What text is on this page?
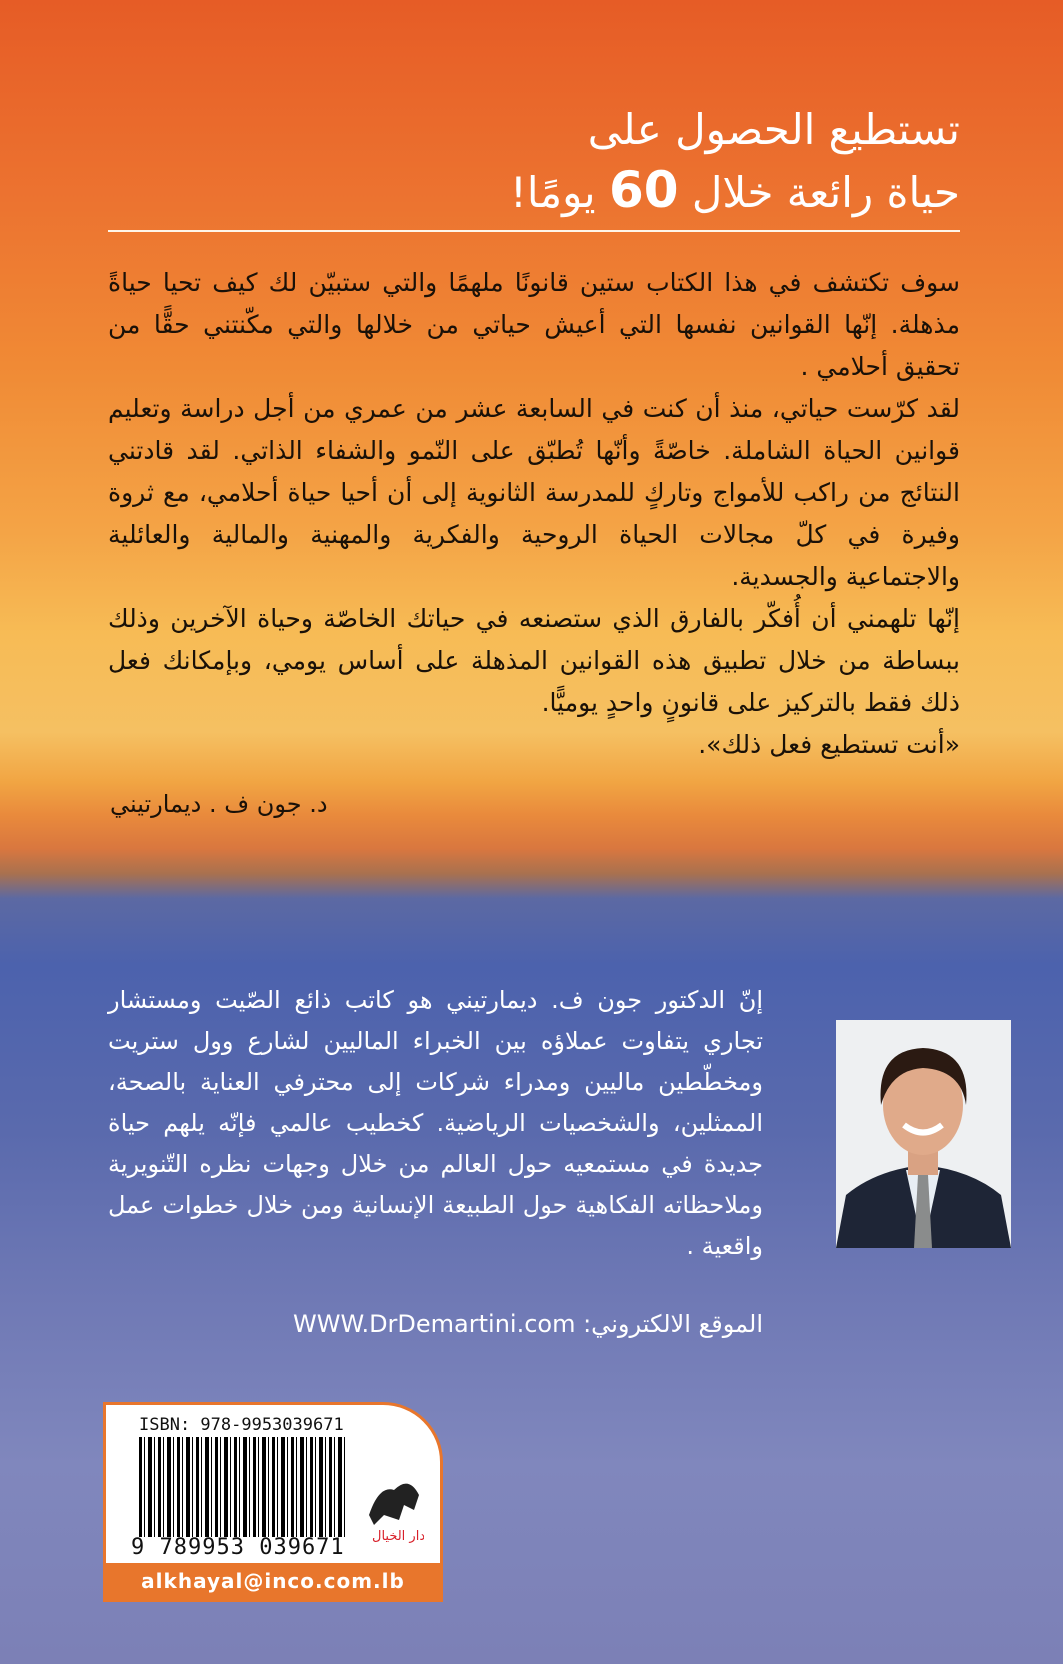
تستطيع الحصول على
حياة رائعة خلال 60 يومًا!

سوف تكتشف في هذا الكتاب ستين قانونًا ملهمًا والتي ستبيّن لك كيف تحيا حياةً مذهلة. إنّها القوانين نفسها التي أعيش حياتي من خلالها والتي مكّنتني حقًّا من تحقيق أحلامي .

لقد كرّست حياتي، منذ أن كنت في السابعة عشر من عمري من أجل دراسة وتعليم قوانين الحياة الشاملة. خاصّةً وأنّها تُطبّق على النّمو والشفاء الذاتي. لقد قادتني النتائج من راكب للأمواج وتاركٍ للمدرسة الثانوية إلى أن أحيا حياة أحلامي، مع ثروة وفيرة في كلّ مجالات الحياة الروحية والفكرية والمهنية والمالية والعائلية والاجتماعية والجسدية.

إنّها تلهمني أن أُفكّر بالفارق الذي ستصنعه في حياتك الخاصّة وحياة الآخرين وذلك ببساطة من خلال تطبيق هذه القوانين المذهلة على أساس يومي، وبإمكانك فعل ذلك فقط بالتركيز على قانونٍ واحدٍ يوميًّا.

«أنت تستطيع فعل ذلك».

د. جون ف . ديمارتيني
إنّ الدكتور جون ف. ديمارتيني هو كاتب ذائع الصّيت ومستشار تجاري يتفاوت عملاؤه بين الخبراء الماليين لشارع وول ستريت ومخطّطين ماليين ومدراء شركات إلى محترفي العناية بالصحة، الممثلين، والشخصيات الرياضية. كخطيب عالمي فإنّه يلهم حياة جديدة في مستمعيه حول العالم من خلال وجهات نظره التّنويرية وملاحظاته الفكاهية حول الطبيعة الإنسانية ومن خلال خطوات عمل واقعية .
الموقع الالكتروني: WWW.DrDemartini.com
ISBN: 978-9953039671
9 789953 039671 دار الخيال
alkhayal@inco.com.lb
